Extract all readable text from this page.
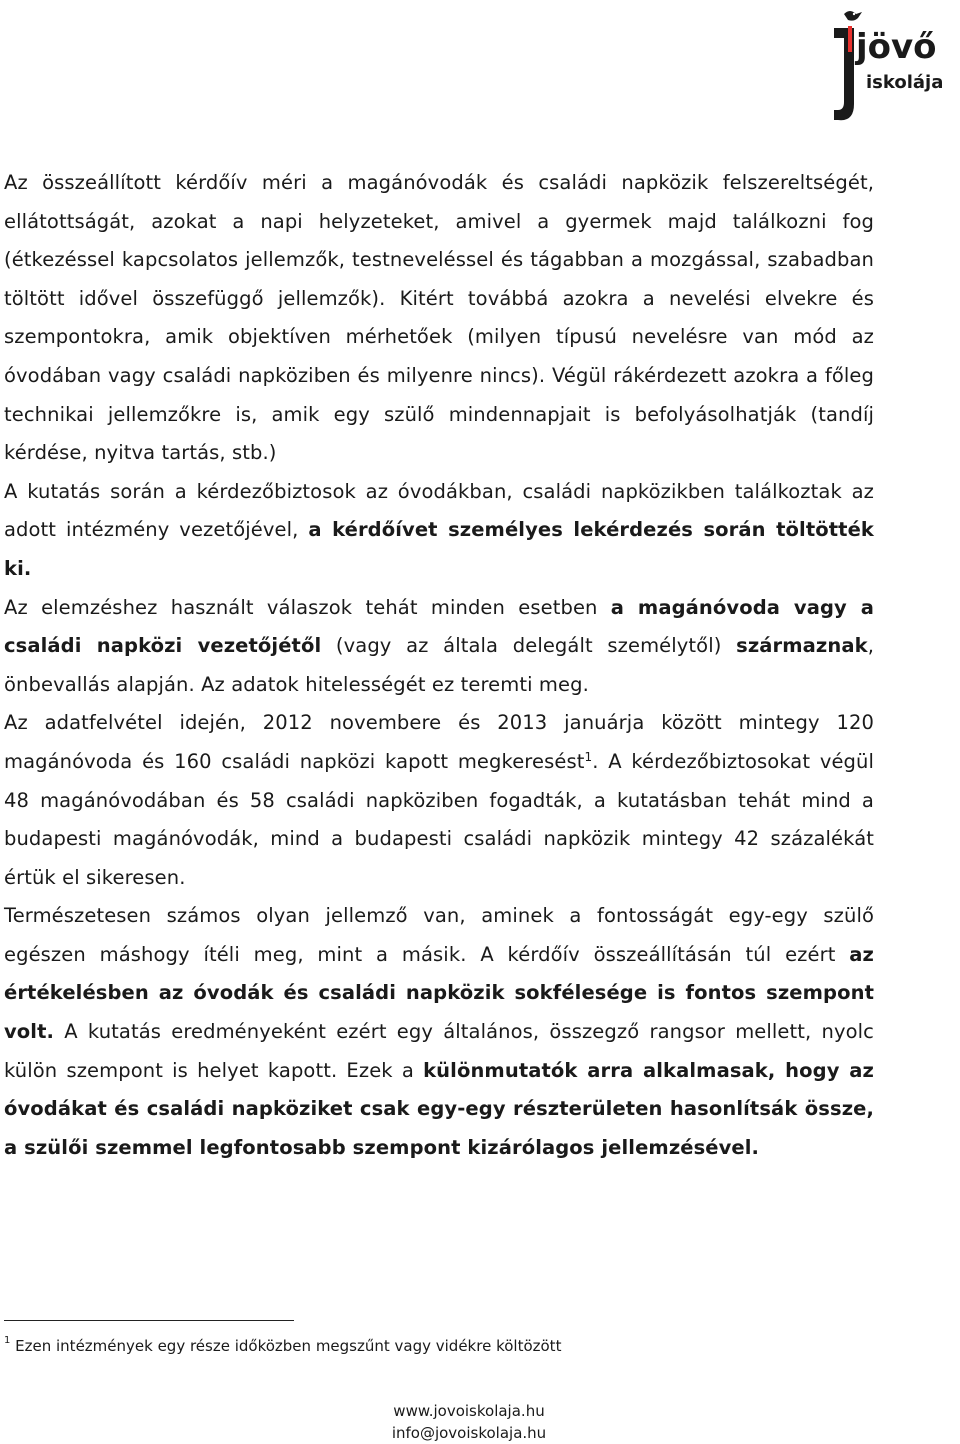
jövő
iskolája

Az összeállított kérdőív méri a magánóvodák és családi napközik felszereltségét, ellátottságát, azokat a napi helyzeteket, amivel a gyermek majd találkozni fog (étkezéssel kapcsolatos jellemzők, testneveléssel és tágabban a mozgással, szabadban töltött idővel összefüggő jellemzők). Kitért továbbá azokra a nevelési elvekre és szempontokra, amik objektíven mérhetőek (milyen típusú nevelésre van mód az óvodában vagy családi napköziben és milyenre nincs). Végül rákérdezett azokra a főleg technikai jellemzőkre is, amik egy szülő mindennapjait is befolyásolhatják (tandíj kérdése, nyitva tartás, stb.)

A kutatás során a kérdezőbiztosok az óvodákban, családi napközikben találkoztak az adott intézmény vezetőjével, a kérdőívet személyes lekérdezés során töltötték ki.

Az elemzéshez használt válaszok tehát minden esetben a magánóvoda vagy a családi napközi vezetőjétől (vagy az általa delegált személytől) származnak, önbevallás alapján. Az adatok hitelességét ez teremti meg.

Az adatfelvétel idején, 2012 novembere és 2013 januárja között mintegy 120 magánóvoda és 160 családi napközi kapott megkeresést$^1$. A kérdezőbiztosokat végül 48 magánóvodában és 58 családi napköziben fogadták, a kutatásban tehát mind a budapesti magánóvodák, mind a budapesti családi napközik mintegy 42 százalékát értük el sikeresen.

Természetesen számos olyan jellemző van, aminek a fontosságát egy-egy szülő egészen máshogy ítéli meg, mint a másik. A kérdőív összeállításán túl ezért az értékelésben az óvodák és családi napközik sokfélesége is fontos szempont volt. A kutatás eredményeként ezért egy általános, összegző rangsor mellett, nyolc külön szempont is helyet kapott. Ezek a különmutatók arra alkalmasak, hogy az óvodákat és családi napköziket csak egy-egy részterületen hasonlítsák össze, a szülői szemmel legfontosabb szempont kizárólagos jellemzésével.

$^1$ Ezen intézmények egy része időközben megszűnt vagy vidékre költözött
www.jovoiskolaja.hu
info@jovoiskolaja.hu
